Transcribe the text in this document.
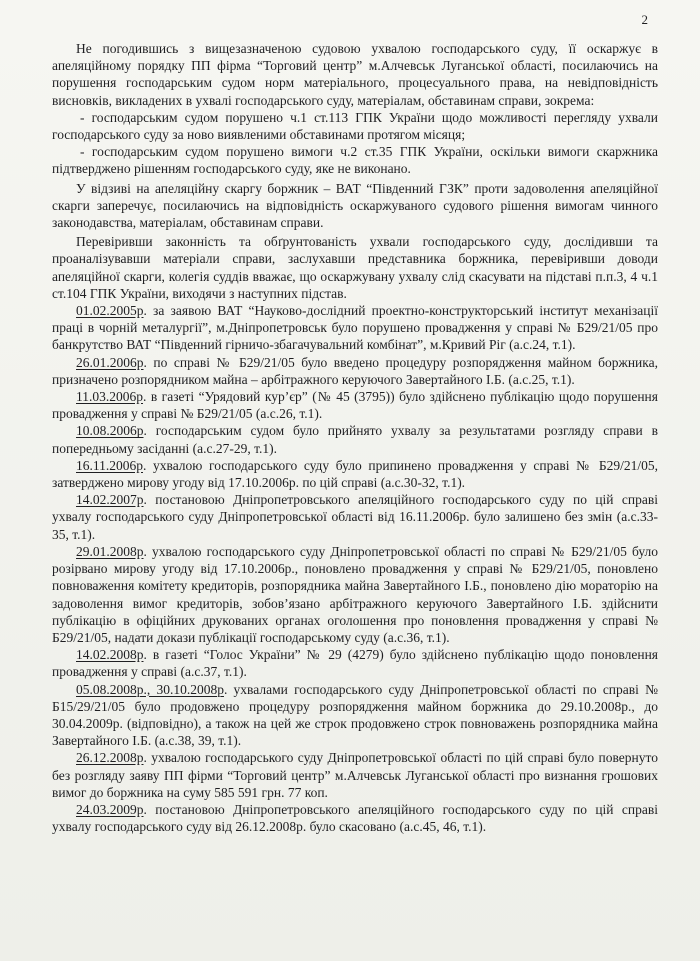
2

Не погодившись з вищезазначеною судовою ухвалою господарського суду, її оскаржує в апеляційному порядку ПП фірма “Торговий центр” м.Алчевськ Луганської області, посилаючись на порушення господарським судом норм матеріального, процесуального права, на невідповідність висновків, викладених в ухвалі господарського суду, матеріалам, обставинам справи, зокрема:

- господарським судом порушено ч.1 ст.113 ГПК України щодо можливості перегляду ухвали господарського суду за ново виявленими обставинами протягом місяця;

- господарським судом порушено вимоги ч.2 ст.35 ГПК України, оскільки вимоги скаржника підтверджено рішенням господарського суду, яке не виконано.

У відзиві на апеляційну скаргу боржник – ВАТ “Південний ГЗК” проти задоволення апеляційної скарги заперечує, посилаючись на відповідність оскаржуваного судового рішення вимогам чинного законодавства, матеріалам, обставинам справи.

Перевіривши законність та обґрунтованість ухвали господарського суду, дослідивши та проаналізувавши матеріали справи, заслухавши представника боржника, перевіривши доводи апеляційної скарги, колегія суддів вважає, що оскаржувану ухвалу слід скасувати на підставі п.п.3, 4 ч.1 ст.104 ГПК України, виходячи з наступних підстав.

01.02.2005р. за заявою ВАТ “Науково-дослідний проектно-конструкторський інститут механізації праці в чорній металургії”, м.Дніпропетровськ було порушено провадження у справі № Б29/21/05 про банкрутство ВАТ “Південний гірничо-збагачувальний комбінат”, м.Кривий Ріг (а.с.24, т.1).

26.01.2006р. по справі № Б29/21/05 було введено процедуру розпорядження майном боржника, призначено розпорядником майна – арбітражного керуючого Завертайного І.Б. (а.с.25, т.1).

11.03.2006р. в газеті “Урядовий кур’єр” (№ 45 (3795)) було здійснено публікацію щодо порушення провадження у справі № Б29/21/05 (а.с.26, т.1).

10.08.2006р. господарським судом було прийнято ухвалу за результатами розгляду справи в попередньому засіданні (а.с.27-29, т.1).

16.11.2006р. ухвалою господарського суду було припинено провадження у справі № Б29/21/05, затверджено мирову угоду від 17.10.2006р. по цій справі (а.с.30-32, т.1).

14.02.2007р. постановою Дніпропетровського апеляційного господарського суду по цій справі ухвалу господарського суду Дніпропетровської області від 16.11.2006р. було залишено без змін (а.с.33-35, т.1).

29.01.2008р. ухвалою господарського суду Дніпропетровської області по справі № Б29/21/05 було розірвано мирову угоду від 17.10.2006р., поновлено провадження у справі № Б29/21/05, поновлено повноваження комітету кредиторів, розпорядника майна Завертайного І.Б., поновлено дію мораторію на задоволення вимог кредиторів, зобов’язано арбітражного керуючого Завертайного І.Б. здійснити публікацію в офіційних друкованих органах оголошення про поновлення провадження у справі № Б29/21/05, надати докази публікації господарському суду (а.с.36, т.1).

14.02.2008р. в газеті “Голос України” № 29 (4279) було здійснено публікацію щодо поновлення провадження у справі (а.с.37, т.1).

05.08.2008р., 30.10.2008р. ухвалами господарського суду Дніпропетровської області по справі № Б15/29/21/05 було продовжено процедуру розпорядження майном боржника до 29.10.2008р., до 30.04.2009р. (відповідно), а також на цей же строк продовжено строк повноважень розпорядника майна Завертайного І.Б. (а.с.38, 39, т.1).

26.12.2008р. ухвалою господарського суду Дніпропетровської області по цій справі було повернуто без розгляду заяву ПП фірми “Торговий центр” м.Алчевськ Луганської області про визнання грошових вимог до боржника на суму 585 591 грн. 77 коп.

24.03.2009р. постановою Дніпропетровського апеляційного господарського суду по цій справі ухвалу господарського суду від 26.12.2008р. було скасовано (а.с.45, 46, т.1).
